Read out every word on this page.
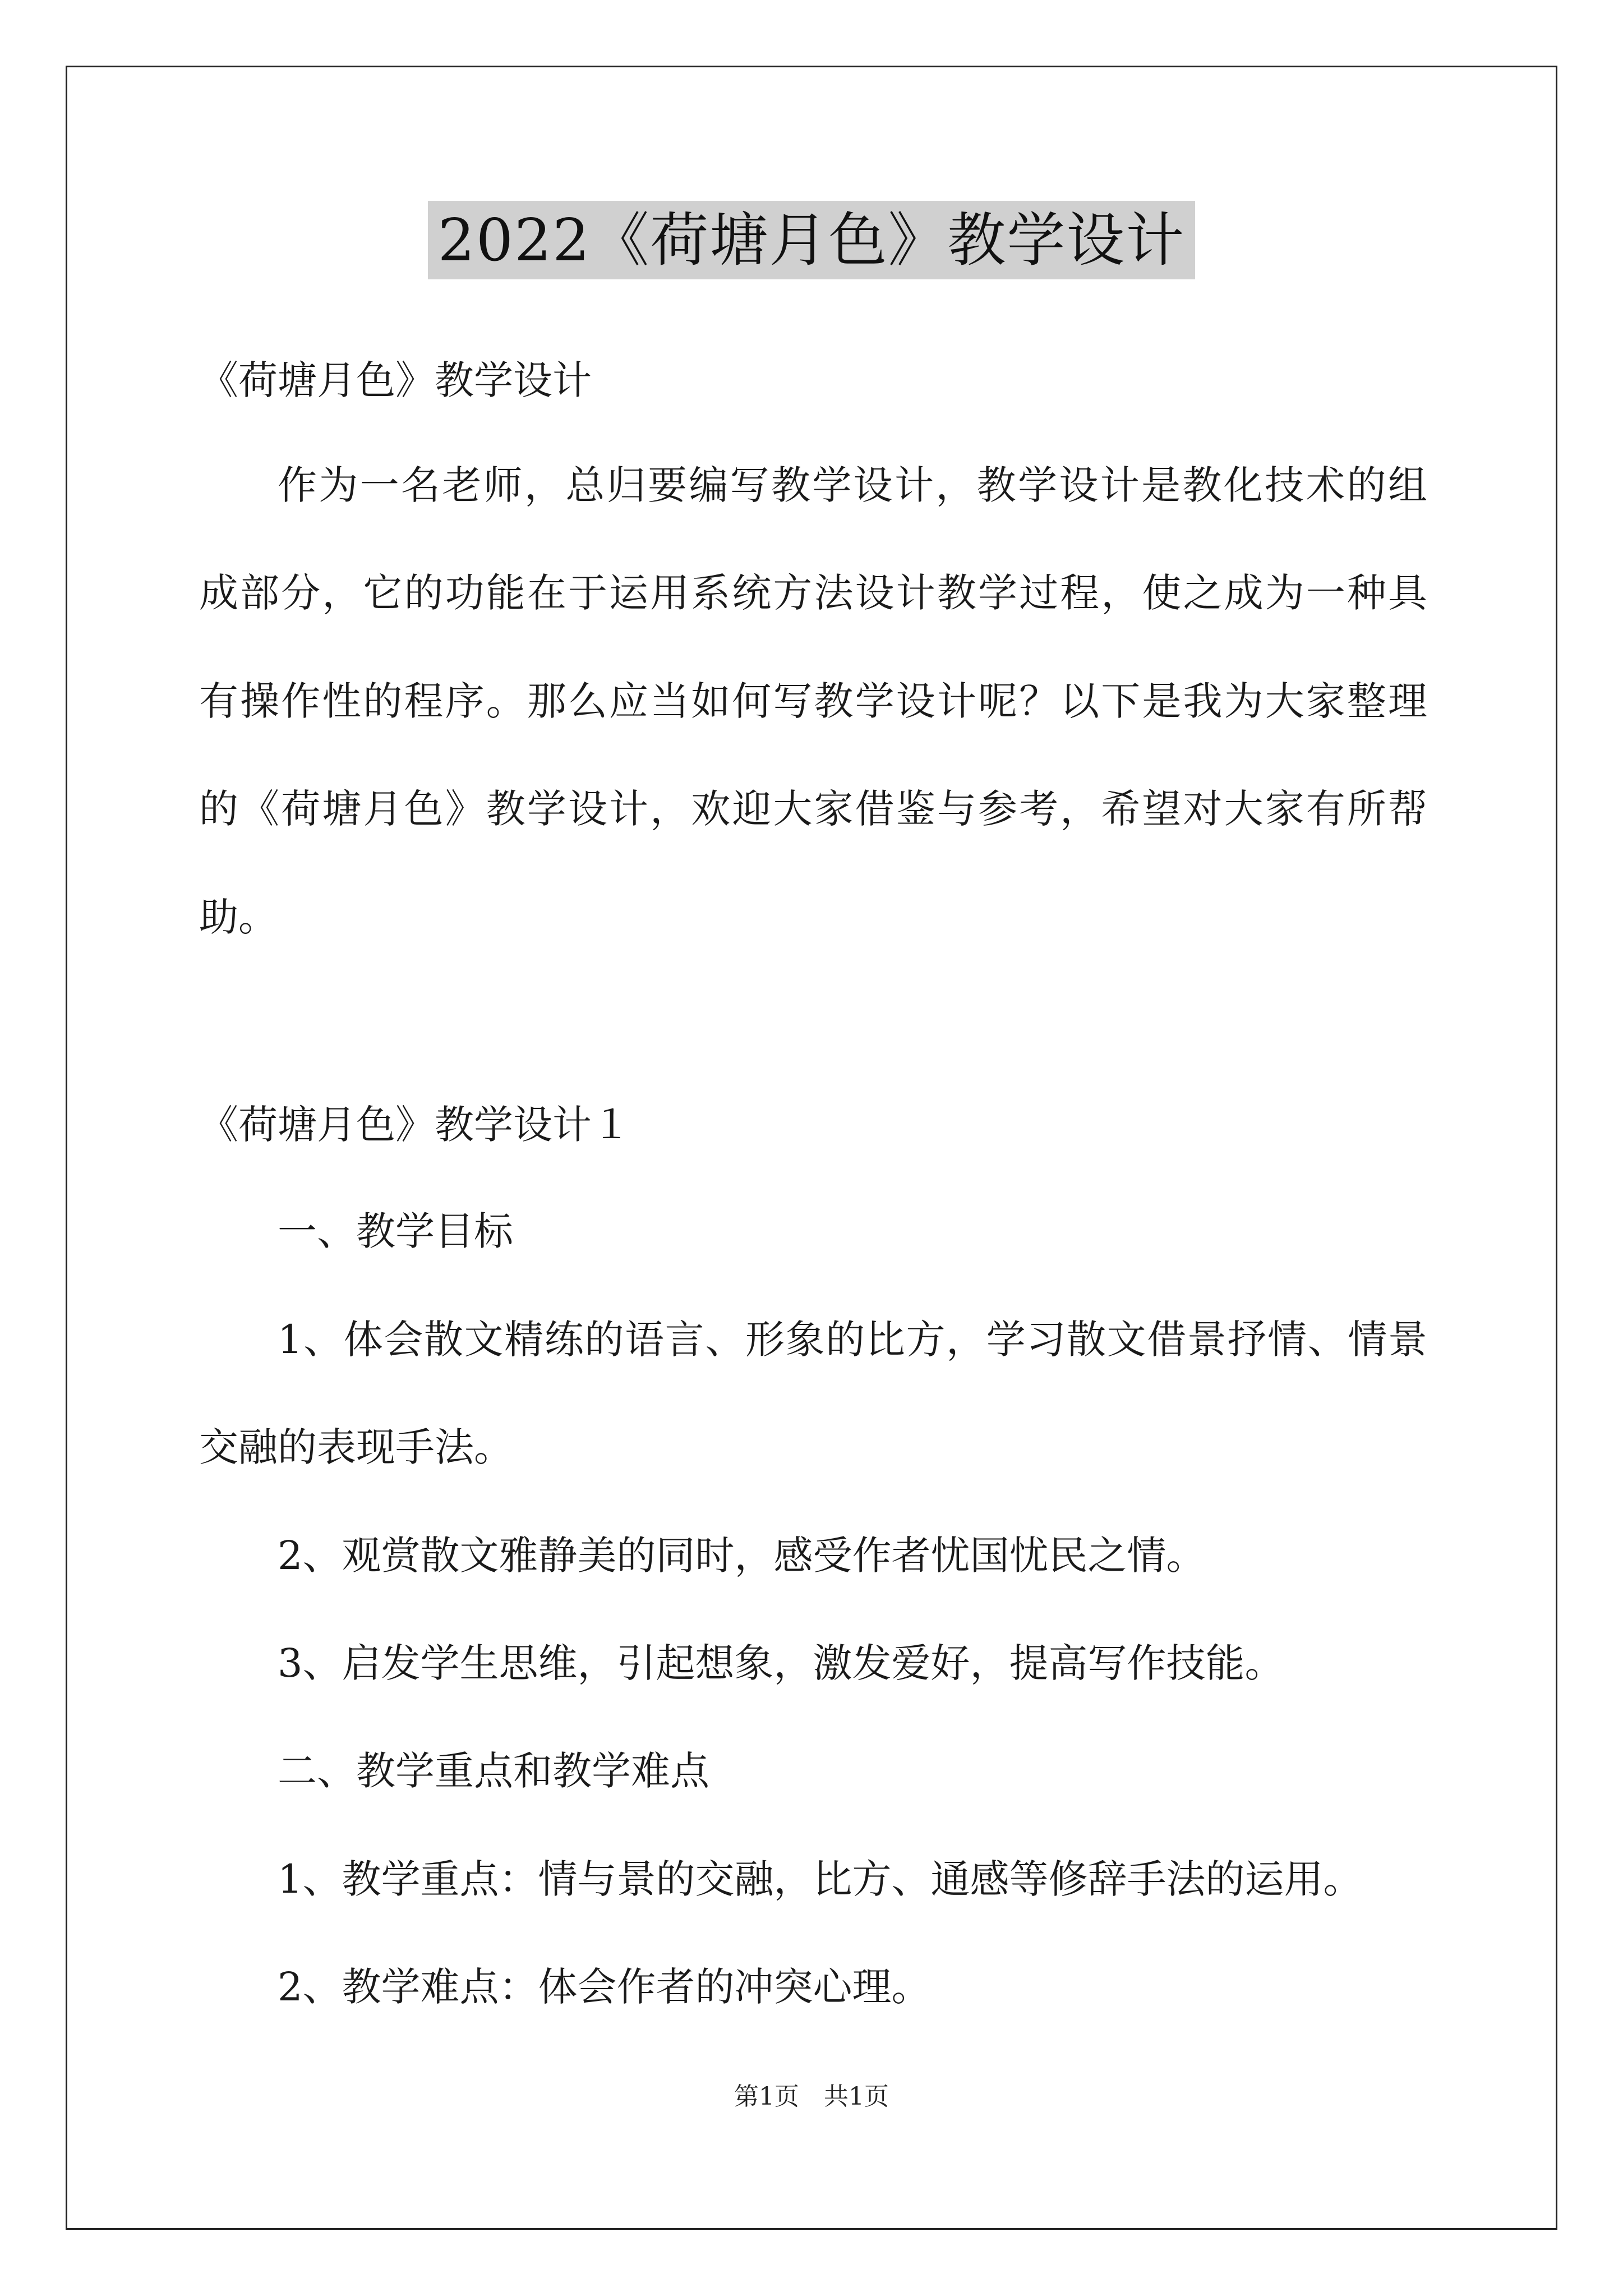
2022《荷塘月色》教学设计
《荷塘月色》教学设计
作为一名老师，总归要编写教学设计，教学设计是教化技术的组
成部分，它的功能在于运用系统方法设计教学过程，使之成为一种具
有操作性的程序。那么应当如何写教学设计呢？以下是我为大家整理
的《荷塘月色》教学设计，欢迎大家借鉴与参考，希望对大家有所帮
助。
《荷塘月色》教学设计１
一、教学目标
1、体会散文精练的语言、形象的比方，学习散文借景抒情、情景
交融的表现手法。
2、观赏散文雅静美的同时，感受作者忧国忧民之情。
3、启发学生思维，引起想象，激发爱好，提高写作技能。
二、教学重点和教学难点
1、教学重点：情与景的交融，比方、通感等修辞手法的运用。
2、教学难点：体会作者的冲突心理。
第1页　共1页
